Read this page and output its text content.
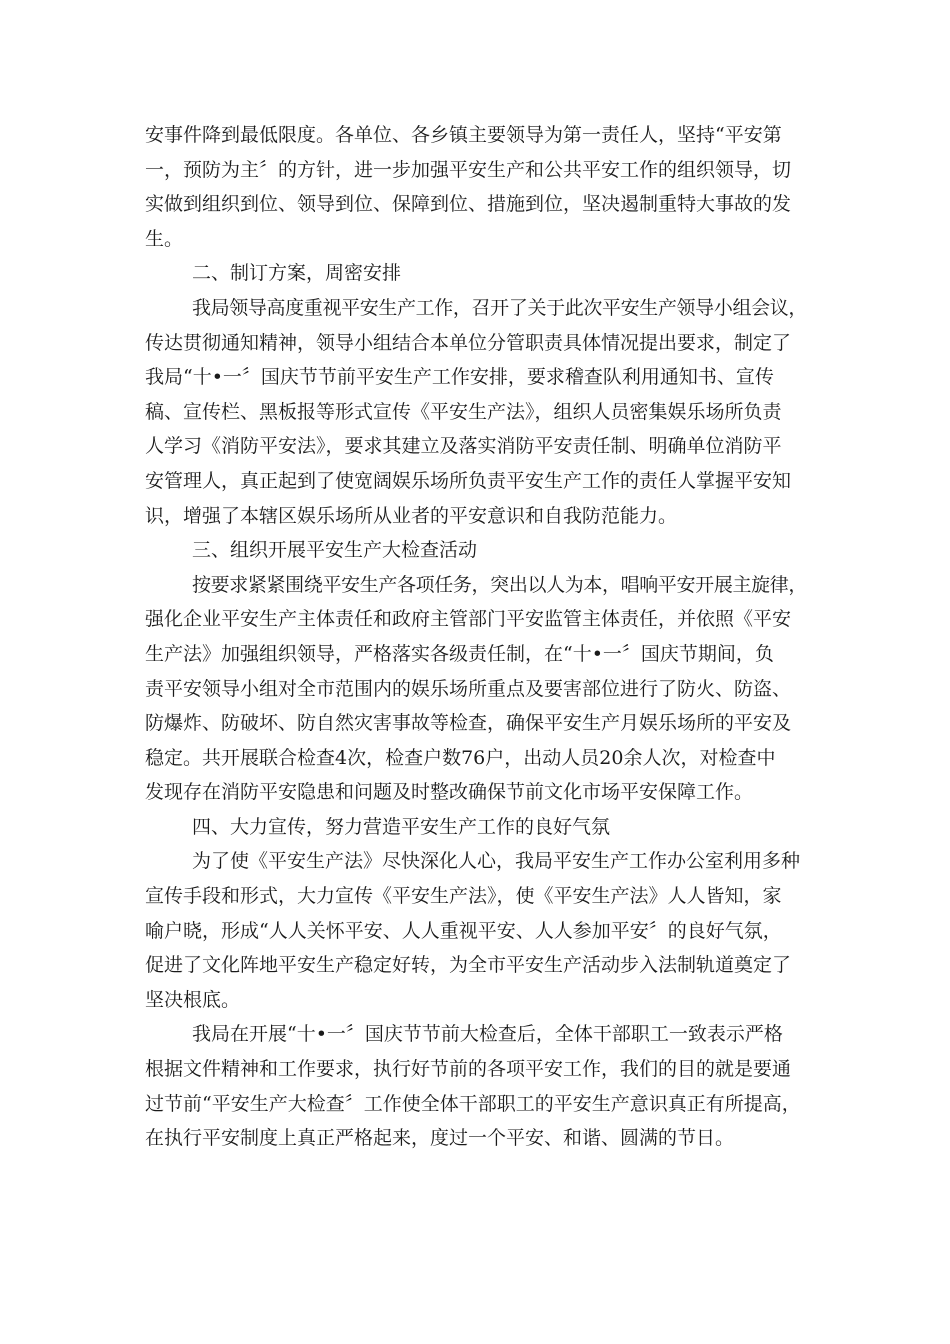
安事件降到最低限度。各单位、各乡镇主要领导为第一责任人，坚持“平安第
一，预防为主〞的方针，进一步加强平安生产和公共平安工作的组织领导，切
实做到组织到位、领导到位、保障到位、措施到位，坚决遏制重特大事故的发
生。
二、制订方案，周密安排
我局领导高度重视平安生产工作，召开了关于此次平安生产领导小组会议，
传达贯彻通知精神，领导小组结合本单位分管职责具体情况提出要求，制定了
我局“十•一〞国庆节节前平安生产工作安排，要求稽查队利用通知书、宣传
稿、宣传栏、黑板报等形式宣传《平安生产法》，组织人员密集娱乐场所负责
人学习《消防平安法》，要求其建立及落实消防平安责任制、明确单位消防平
安管理人，真正起到了使宽阔娱乐场所负责平安生产工作的责任人掌握平安知
识，增强了本辖区娱乐场所从业者的平安意识和自我防范能力。
三、组织开展平安生产大检查活动
按要求紧紧围绕平安生产各项任务，突出以人为本，唱响平安开展主旋律，
强化企业平安生产主体责任和政府主管部门平安监管主体责任，并依照《平安
生产法》加强组织领导，严格落实各级责任制，在“十•一〞国庆节期间，负
责平安领导小组对全市范围内的娱乐场所重点及要害部位进行了防火、防盗、
防爆炸、防破坏、防自然灾害事故等检查，确保平安生产月娱乐场所的平安及
稳定。共开展联合检查4次，检查户数76户，出动人员20余人次，对检查中
发现存在消防平安隐患和问题及时整改确保节前文化市场平安保障工作。
四、大力宣传，努力营造平安生产工作的良好气氛
为了使《平安生产法》尽快深化人心，我局平安生产工作办公室利用多种
宣传手段和形式，大力宣传《平安生产法》，使《平安生产法》人人皆知，家
喻户晓，形成“人人关怀平安、人人重视平安、人人参加平安〞的良好气氛，
促进了文化阵地平安生产稳定好转，为全市平安生产活动步入法制轨道奠定了
坚决根底。
我局在开展“十•一〞国庆节节前大检查后，全体干部职工一致表示严格
根据文件精神和工作要求，执行好节前的各项平安工作，我们的目的就是要通
过节前“平安生产大检查〞工作使全体干部职工的平安生产意识真正有所提高，
在执行平安制度上真正严格起来，度过一个平安、和谐、圆满的节日。
